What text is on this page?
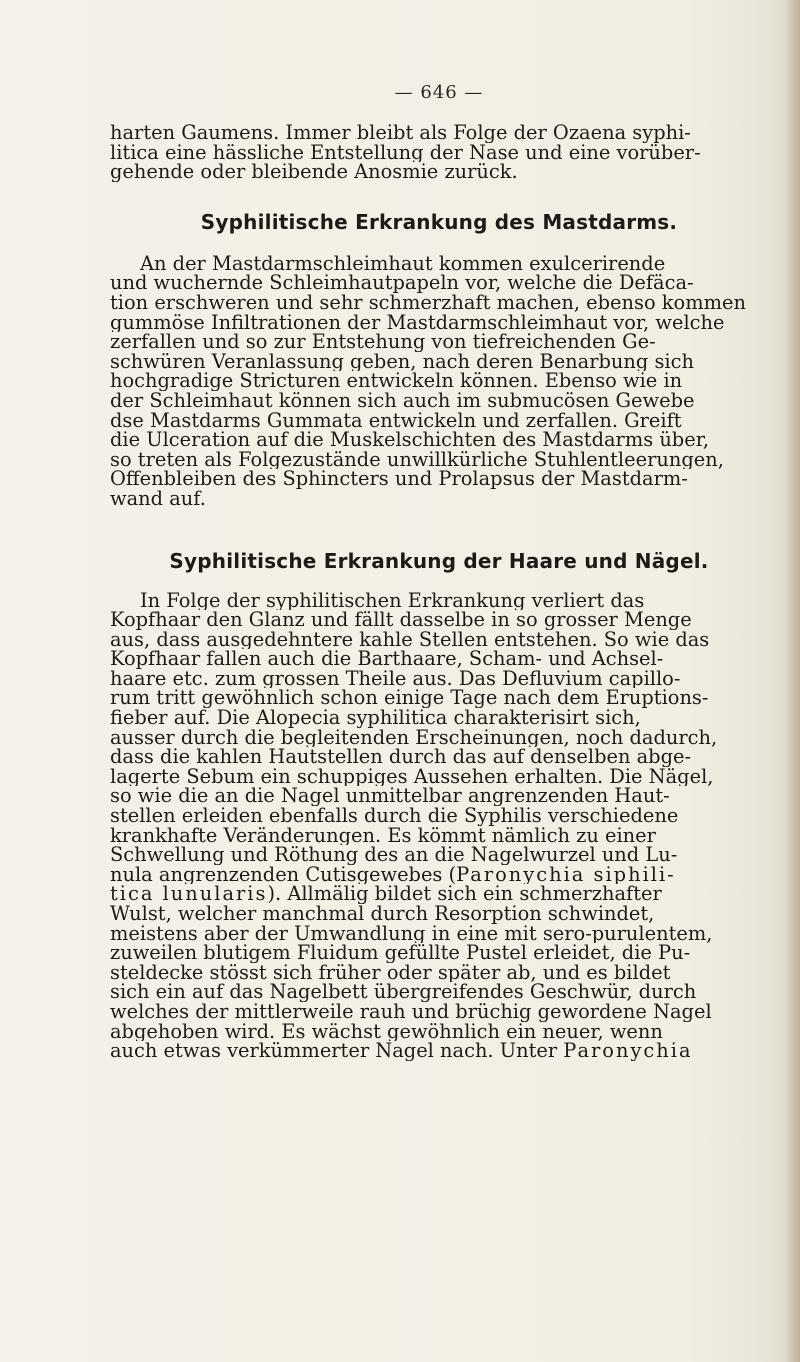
— 646 —
harten Gaumens. Immer bleibt als Folge der Ozaena syphi-
litica eine hässliche Entstellung der Nase und eine vorüber-
gehende oder bleibende Anosmie zurück.
Syphilitische Erkrankung des Mastdarms.
An der Mastdarmschleimhaut kommen exulcerirende
und wuchernde Schleimhautpapeln vor, welche die Defäca-
tion erschweren und sehr schmerzhaft machen, ebenso kommen
gummöse Infiltrationen der Mastdarmschleimhaut vor, welche
zerfallen und so zur Entstehung von tiefreichenden Ge-
schwüren Veranlassung geben, nach deren Benarbung sich
hochgradige Stricturen entwickeln können. Ebenso wie in
der Schleimhaut können sich auch im submucösen Gewebe
dse Mastdarms Gummata entwickeln und zerfallen. Greift
die Ulceration auf die Muskelschichten des Mastdarms über,
so treten als Folgezustände unwillkürliche Stuhlentleerungen,
Offenbleiben des Sphincters und Prolapsus der Mastdarm-
wand auf.
Syphilitische Erkrankung der Haare und Nägel.
In Folge der syphilitischen Erkrankung verliert das
Kopfhaar den Glanz und fällt dasselbe in so grosser Menge
aus, dass ausgedehntere kahle Stellen entstehen. So wie das
Kopfhaar fallen auch die Barthaare, Scham- und Achsel-
haare etc. zum grossen Theile aus. Das Defluvium capillo-
rum tritt gewöhnlich schon einige Tage nach dem Eruptions-
fieber auf. Die Alopecia syphilitica charakterisirt sich,
ausser durch die begleitenden Erscheinungen, noch dadurch,
dass die kahlen Hautstellen durch das auf denselben abge-
lagerte Sebum ein schuppiges Aussehen erhalten. Die Nägel,
so wie die an die Nagel unmittelbar angrenzenden Haut-
stellen erleiden ebenfalls durch die Syphilis verschiedene
krankhafte Veränderungen. Es kömmt nämlich zu einer
Schwellung und Röthung des an die Nagelwurzel und Lu-
nula angrenzenden Cutisgewebes (Paronychia siphili-
tica lunularis). Allmälig bildet sich ein schmerzhafter
Wulst, welcher manchmal durch Resorption schwindet,
meistens aber der Umwandlung in eine mit sero-purulentem,
zuweilen blutigem Fluidum gefüllte Pustel erleidet, die Pu-
steldecke stösst sich früher oder später ab, und es bildet
sich ein auf das Nagelbett übergreifendes Geschwür, durch
welches der mittlerweile rauh und brüchig gewordene Nagel
abgehoben wird. Es wächst gewöhnlich ein neuer, wenn
auch etwas verkümmerter Nagel nach. Unter Paronychia
